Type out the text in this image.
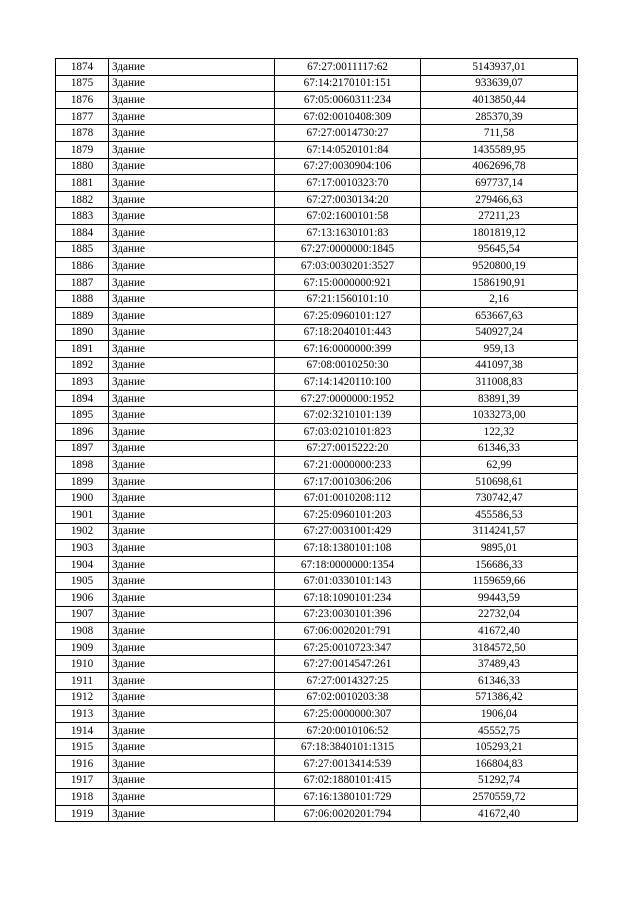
1874	Здание	67:27:0011117:62	5143937,01
1875	Здание	67:14:2170101:151	933639,07
1876	Здание	67:05:0060311:234	4013850,44
1877	Здание	67:02:0010408:309	285370,39
1878	Здание	67:27:0014730:27	711,58
1879	Здание	67:14:0520101:84	1435589,95
1880	Здание	67:27:0030904:106	4062696,78
1881	Здание	67:17:0010323:70	697737,14
1882	Здание	67:27:0030134:20	279466,63
1883	Здание	67:02:1600101:58	27211,23
1884	Здание	67:13:1630101:83	1801819,12
1885	Здание	67:27:0000000:1845	95645,54
1886	Здание	67:03:0030201:3527	9520800,19
1887	Здание	67:15:0000000:921	1586190,91
1888	Здание	67:21:1560101:10	2,16
1889	Здание	67:25:0960101:127	653667,63
1890	Здание	67:18:2040101:443	540927,24
1891	Здание	67:16:0000000:399	959,13
1892	Здание	67:08:0010250:30	441097,38
1893	Здание	67:14:1420110:100	311008,83
1894	Здание	67:27:0000000:1952	83891,39
1895	Здание	67:02:3210101:139	1033273,00
1896	Здание	67:03:0210101:823	122,32
1897	Здание	67:27:0015222:20	61346,33
1898	Здание	67:21:0000000:233	62,99
1899	Здание	67:17:0010306:206	510698,61
1900	Здание	67:01:0010208:112	730742,47
1901	Здание	67:25:0960101:203	455586,53
1902	Здание	67:27:0031001:429	3114241,57
1903	Здание	67:18:1380101:108	9895,01
1904	Здание	67:18:0000000:1354	156686,33
1905	Здание	67:01:0330101:143	1159659,66
1906	Здание	67:18:1090101:234	99443,59
1907	Здание	67:23:0030101:396	22732,04
1908	Здание	67:06:0020201:791	41672,40
1909	Здание	67:25:0010723:347	3184572,50
1910	Здание	67:27:0014547:261	37489,43
1911	Здание	67:27:0014327:25	61346,33
1912	Здание	67:02:0010203:38	571386,42
1913	Здание	67:25:0000000:307	1906,04
1914	Здание	67:20:0010106:52	45552,75
1915	Здание	67:18:3840101:1315	105293,21
1916	Здание	67:27:0013414:539	166804,83
1917	Здание	67:02:1880101:415	51292,74
1918	Здание	67:16:1380101:729	2570559,72
1919	Здание	67:06:0020201:794	41672,40
